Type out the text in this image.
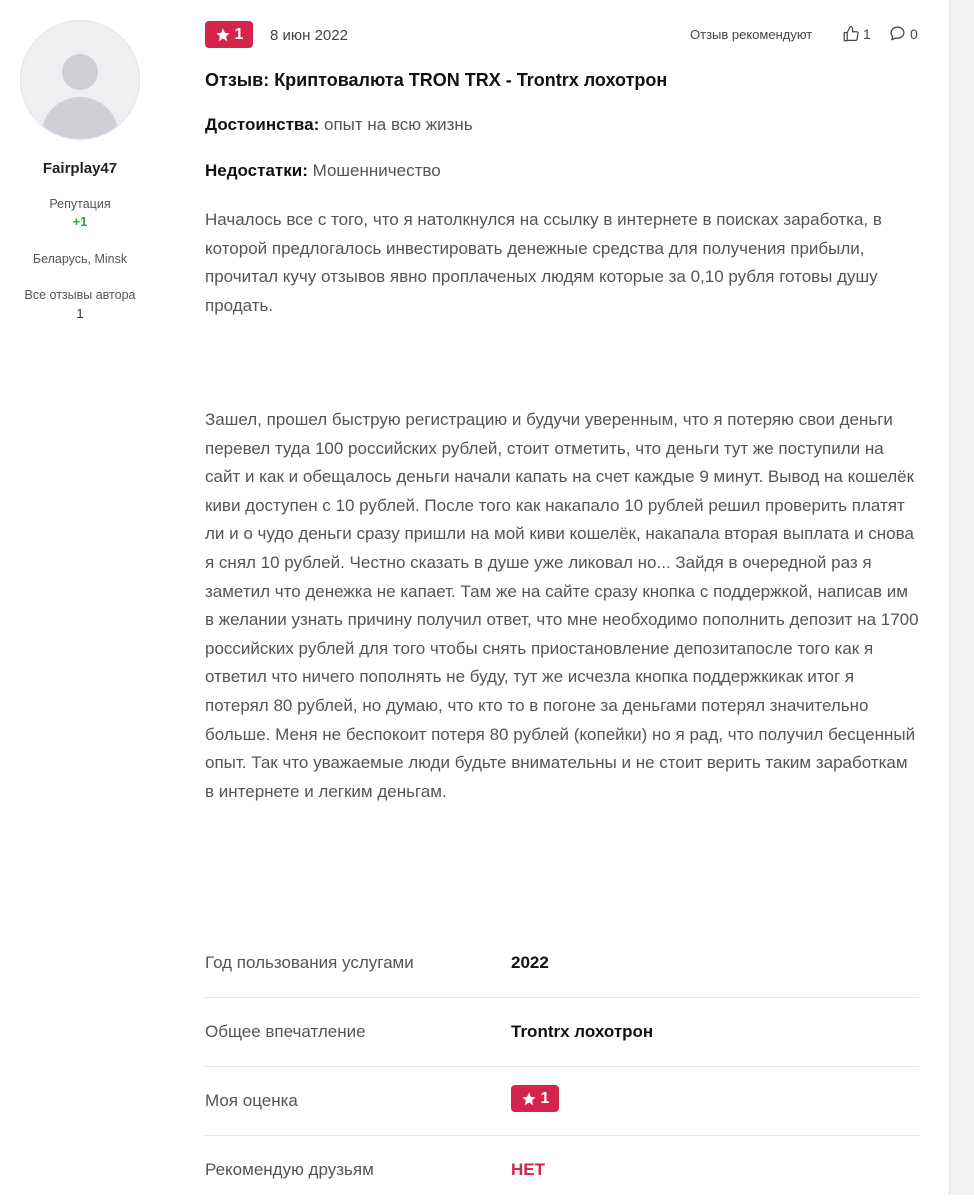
Fairplay47
Репутация
+1
Беларусь, Minsk
Все отзывы автора
1
1 8 июн 2022	Отзыв рекомендуют	1	0
Отзыв: Криптовалюта TRON TRX - Trontrx лохотрон
Достоинства: опыт на всю жизнь
Недостатки: Мошенничество
Началось все с того, что я натолкнулся на ссылку в интернете в поисках заработка, в которой предлогалось инвестировать денежные средства для получения прибыли, прочитал кучу отзывов явно проплаченых людям которые за 0,10 рубля готовы душу продать.
Зашел, прошел быструю регистрацию и будучи уверенным, что я потеряю свои деньги перевел туда 100 российских рублей, стоит отметить, что деньги тут же поступили на сайт и как и обещалось деньги начали капать на счет каждые 9 минут. Вывод на кошелёк киви доступен с 10 рублей. После того как накапало 10 рублей решил проверить платят ли и о чудо деньги сразу пришли на мой киви кошелёк, накапала вторая выплата и снова я снял 10 рублей. Честно сказать в душе уже ликовал но... Зайдя в очередной раз я заметил что денежка не капает. Там же на сайте сразу кнопка с поддержкой, написав им в желании узнать причину получил ответ, что мне необходимо пополнить депозит на 1700 российских рублей для того чтобы снять приостановление депозитапосле того как я ответил что ничего пополнять не буду, тут же исчезла кнопка поддержкикак итог я потерял 80 рублей, но думаю, что кто то в погоне за деньгами потерял значительно больше. Меня не беспокоит потеря 80 рублей (копейки) но я рад, что получил бесценный опыт. Так что уважаемые люди будьте внимательны и не стоит верить таким заработкам в интернете и легким деньгам.
Год пользования услугами	2022
Общее впечатление	Trontrx лохотрон
Моя оценка	1
Рекомендую друзьям	НЕТ
